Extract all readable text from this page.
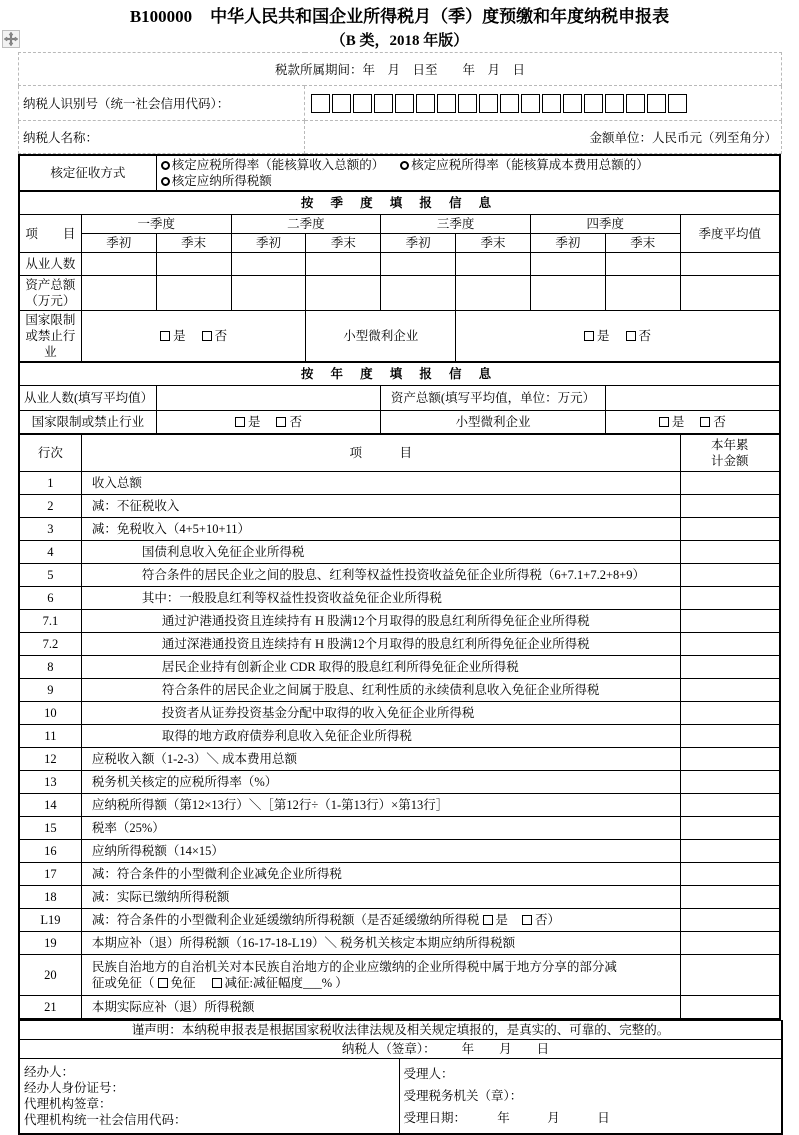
B100000 中华人民共和国企业所得税月（季）度预缴和年度纳税申报表
（B 类，2018 年版）
税款所属期间：年　月　日至　　年　月　日	
纳税人识别号（统一社会信用代码）：	

纳税人名称：	金额单位：人民币元（列至角分）
核定征收方式		核定应税所得率（能核算收入总额的） 核定应税所得率（能核算成本费用总额的）
核定应纳所得税额							

按 季 度 填 报 信 息									
项　　目	一季度		二季度		三季度		四季度		季度平均值
	季初	季末	季初	季末	季初	季末	季初	季末	
从业人数									
资产总额（万元）									
国家限制或禁止行业	是 否			小型微利企业		是 否			
按 年 度 填 报 信 息									
从业人数(填写平均值）					资产总额(填写平均值，单位：万元）				
国家限制或禁止行业		是 否			小型微利企业			是 否	
行次	项　　　目								本年累
计金额

1	收入总额								

2	减：不征税收入								

3	减：免税收入（4+5+10+11）								

4	国债利息收入免征企业所得税								

5	符合条件的居民企业之间的股息、红利等权益性投资收益免征企业所得税（6+7.1+7.2+8+9）								

6	其中：一般股息红利等权益性投资收益免征企业所得税								

7.1	通过沪港通投资且连续持有 H 股满12个月取得的股息红利所得免征企业所得税								

7.2	通过深港通投资且连续持有 H 股满12个月取得的股息红利所得免征企业所得税								

8	居民企业持有创新企业 CDR 取得的股息红利所得免征企业所得税								

9	符合条件的居民企业之间属于股息、红利性质的永续债利息收入免征企业所得税								

10	投资者从证券投资基金分配中取得的收入免征企业所得税								

11	取得的地方政府债券利息收入免征企业所得税								

12	应税收入额（1-2-3）＼ 成本费用总额								

13	税务机关核定的应税所得率（%）								

14	应纳税所得额（第12×13行）＼［第12行÷（1-第13行）×第13行］								

15	税率（25%）								

16	应纳所得税额（14×15）								

17	减：符合条件的小型微利企业减免企业所得税								

18	减：实际已缴纳所得税额								

L19	减：符合条件的小型微利企业延缓缴纳所得税额（是否延缓缴纳所得税 是 否）								

19	本期应补（退）所得税额（16-17-18-L19）＼ 税务机关核定本期应纳所得税额								

20	民族自治地方的自治机关对本民族自治地方的企业应缴纳的企业所得税中属于地方分享的部分减
征或免征（ 免征 减征:减征幅度___% ）								

21	本期实际应补（退）所得税额								

谨声明：本纳税申报表是根据国家税收法律法规及相关规定填报的，是真实的、可靠的、完整的。
纳税人（签章）： 年　　月　　日

经办人：
经办人身份证号：
代理机构签章：
代理机构统一社会信用代码：

受理人：
受理税务机关（章）：
受理日期：　　　年　　　月　　　日
